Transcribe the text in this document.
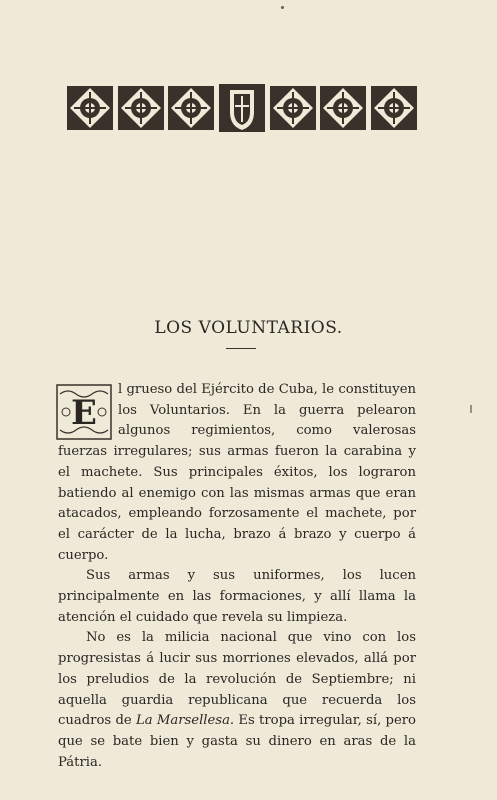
LOS VOLUNTARIOS.
E

l grueso del Ejército de Cuba, le constituyen los Voluntarios. En la guerra pelearon algunos regimientos, como valerosas fuerzas irregulares; sus armas fueron la carabina y el machete. Sus principales éxitos, los lograron batiendo al enemigo con las mismas armas que eran atacados, empleando forzosamente el machete, por el carácter de la lucha, brazo á brazo y cuerpo á cuerpo.

Sus armas y sus uniformes, los lucen principalmente en las formaciones, y allí llama la atención el cuidado que revela su limpieza.

No es la milicia nacional que vino con los progresistas á lucir sus morriones elevados, allá por los preludios de la revolución de Septiembre; ni aquella guardia republicana que recuerda los cuadros de La Marsellesa. Es tropa irregular, sí, pero que se bate bien y gasta su dinero en aras de la Pátria.
